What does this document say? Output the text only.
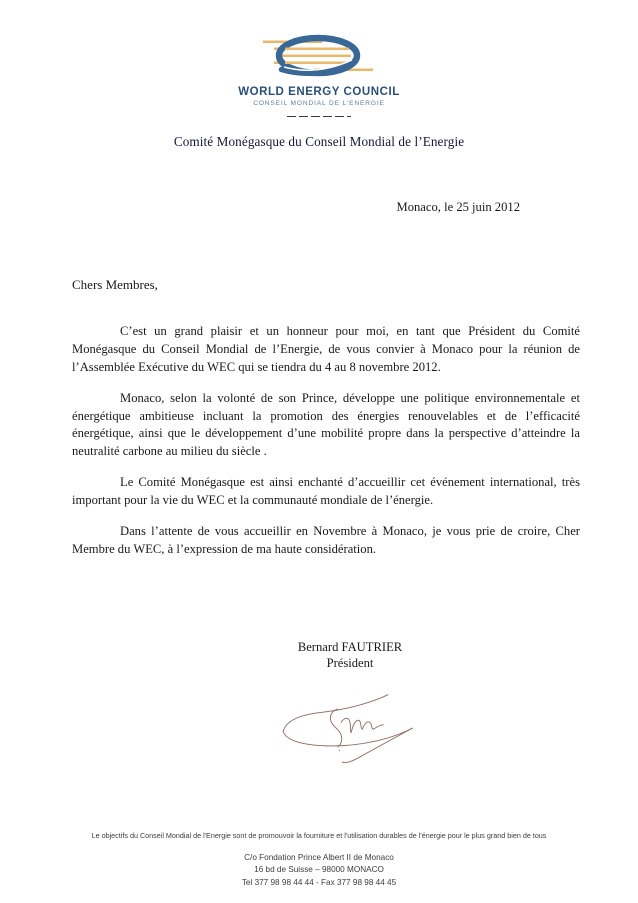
WORLD ENERGY COUNCIL
CONSEIL MONDIAL DE L'ENERGIE
Comité Monégasque du Conseil Mondial de l’Energie
Monaco, le 25 juin 2012
Chers Membres,

C’est un grand plaisir et un honneur pour moi, en tant que Président du Comité Monégasque du Conseil Mondial de l’Energie, de vous convier à Monaco pour la réunion de l’Assemblée Exécutive du WEC qui se tiendra du 4 au 8 novembre 2012.

Monaco, selon la volonté de son Prince, développe une politique environnementale et énergétique ambitieuse incluant la promotion des énergies renouvelables et de l’efficacité énergétique, ainsi que le développement d’une mobilité propre dans la perspective d’atteindre la neutralité carbone au milieu du siècle .

Le Comité Monégasque est ainsi enchanté d’accueillir cet événement international, très important pour la vie du WEC et la communauté mondiale de l’énergie.

Dans l’attente de vous accueillir en Novembre à Monaco, je vous prie de croire, Cher Membre du WEC, à l’expression de ma haute considération.

Bernard FAUTRIER
Président
Le objectifs du Conseil Mondial de l'Energie sont de promouvoir la fourniture et l'utilisation durables de l'énergie pour le plus grand bien de tous
C/o Fondation Prince Albert II de Monaco
16 bd de Suisse – 98000 MONACO
Tel 377 98 98 44 44 - Fax 377 98 98 44 45
